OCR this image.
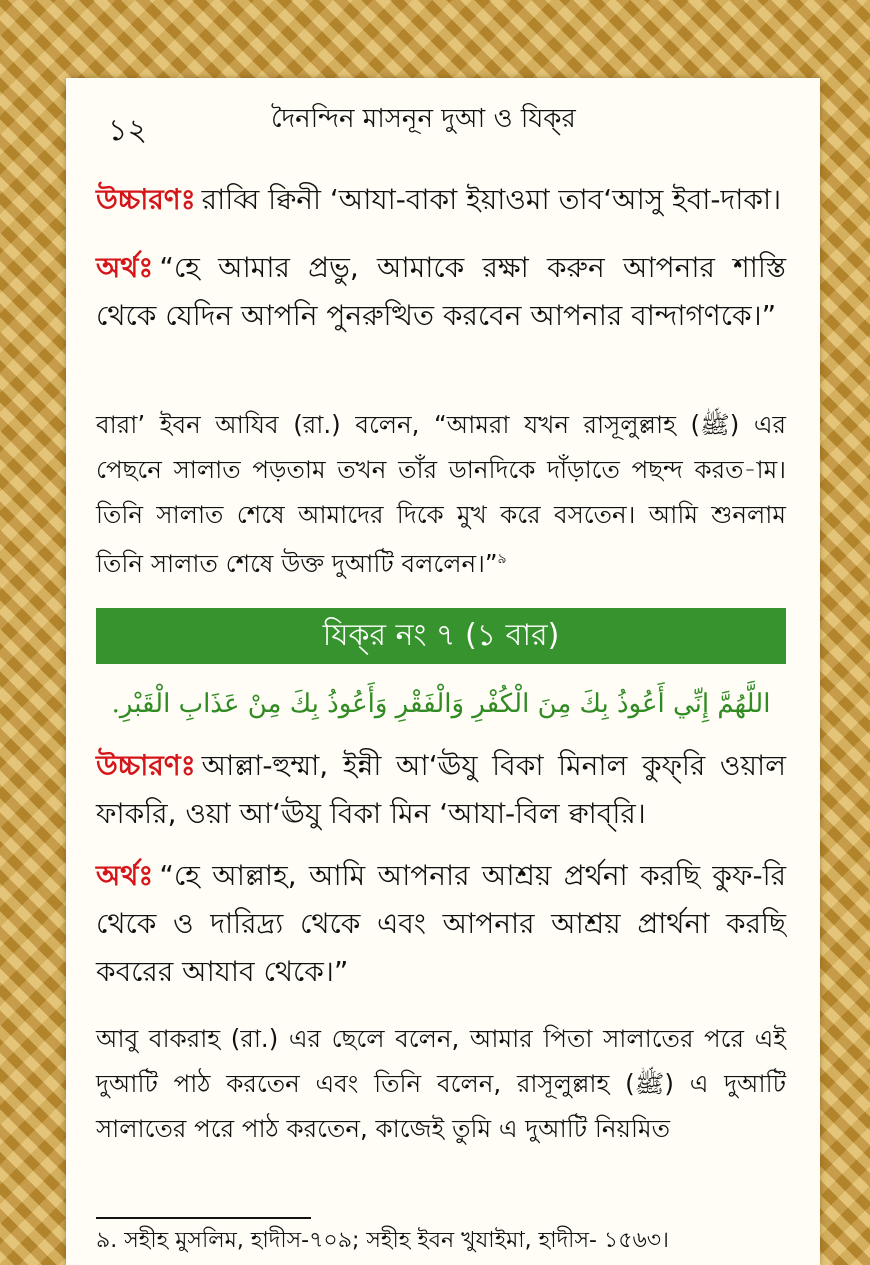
১২	দৈনন্দিন মাসনূন দুআ ও যিক্‌র

উচ্চারণঃ রাব্বি ক্বিনী ‘আযা-বাকা ইয়াওমা তাব‘আসু ইবা-দাকা।

অর্থঃ “হে আমার প্রভু, আমাকে রক্ষা করুন আপনার শাস্তি থেকে যেদিন আপনি পুনরুত্থিত করবেন আপনার বান্দাগণকে।”

বারা’ ইবন আযিব (রা.) বলেন, “আমরা যখন রাসূলুল্লাহ (ﷺ) এর পেছনে সালাত পড়তাম তখন তাঁর ডানদিকে দাঁড়াতে পছন্দ করত-াম। তিনি সালাত শেষে আমাদের দিকে মুখ করে বসতেন। আমি শুনলাম তিনি সালাত শেষে উক্ত দুআটি বললেন।”$^৯$

যিক্‌র নং ৭ (১ বার)
اللَّهُمَّ إِنِّي أَعُوذُ بِكَ مِنَ الْكُفْرِ وَالْفَقْرِ وَأَعُوذُ بِكَ مِنْ عَذَابِ الْقَبْرِ.

উচ্চারণঃ আল্লা-হুম্মা, ইন্নী আ‘ঊযু বিকা মিনাল কুফ্‌রি ওয়াল ফাকরি, ওয়া আ‘ঊযু বিকা মিন ‘আযা-বিল ক্বাব্‌রি।

অর্থঃ “হে আল্লাহ, আমি আপনার আশ্রয় প্রর্থনা করছি কুফ-রি থেকে ও দারিদ্র্য থেকে এবং আপনার আশ্রয় প্রার্থনা করছি কবরের আযাব থেকে।”

আবু বাকরাহ (রা.) এর ছেলে বলেন, আমার পিতা সালাতের পরে এই দুআটি পাঠ করতেন এবং তিনি বলেন, রাসূলুল্লাহ (ﷺ) এ দুআটি সালাতের পরে পাঠ করতেন, কাজেই তুমি এ দুআটি নিয়মিত

৯. সহীহ মুসলিম, হাদীস-৭০৯; সহীহ ইবন খুযাইমা, হাদীস- ১৫৬৩।
